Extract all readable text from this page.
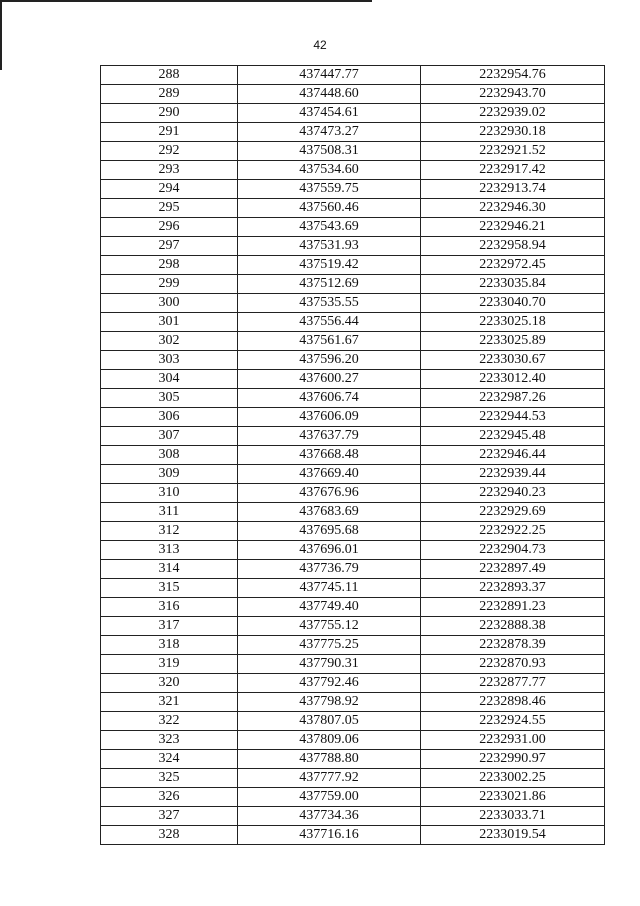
42
288	437447.77	2232954.76
289	437448.60	2232943.70
290	437454.61	2232939.02
291	437473.27	2232930.18
292	437508.31	2232921.52
293	437534.60	2232917.42
294	437559.75	2232913.74
295	437560.46	2232946.30
296	437543.69	2232946.21
297	437531.93	2232958.94
298	437519.42	2232972.45
299	437512.69	2233035.84
300	437535.55	2233040.70
301	437556.44	2233025.18
302	437561.67	2233025.89
303	437596.20	2233030.67
304	437600.27	2233012.40
305	437606.74	2232987.26
306	437606.09	2232944.53
307	437637.79	2232945.48
308	437668.48	2232946.44
309	437669.40	2232939.44
310	437676.96	2232940.23
311	437683.69	2232929.69
312	437695.68	2232922.25
313	437696.01	2232904.73
314	437736.79	2232897.49
315	437745.11	2232893.37
316	437749.40	2232891.23
317	437755.12	2232888.38
318	437775.25	2232878.39
319	437790.31	2232870.93
320	437792.46	2232877.77
321	437798.92	2232898.46
322	437807.05	2232924.55
323	437809.06	2232931.00
324	437788.80	2232990.97
325	437777.92	2233002.25
326	437759.00	2233021.86
327	437734.36	2233033.71
328	437716.16	2233019.54
